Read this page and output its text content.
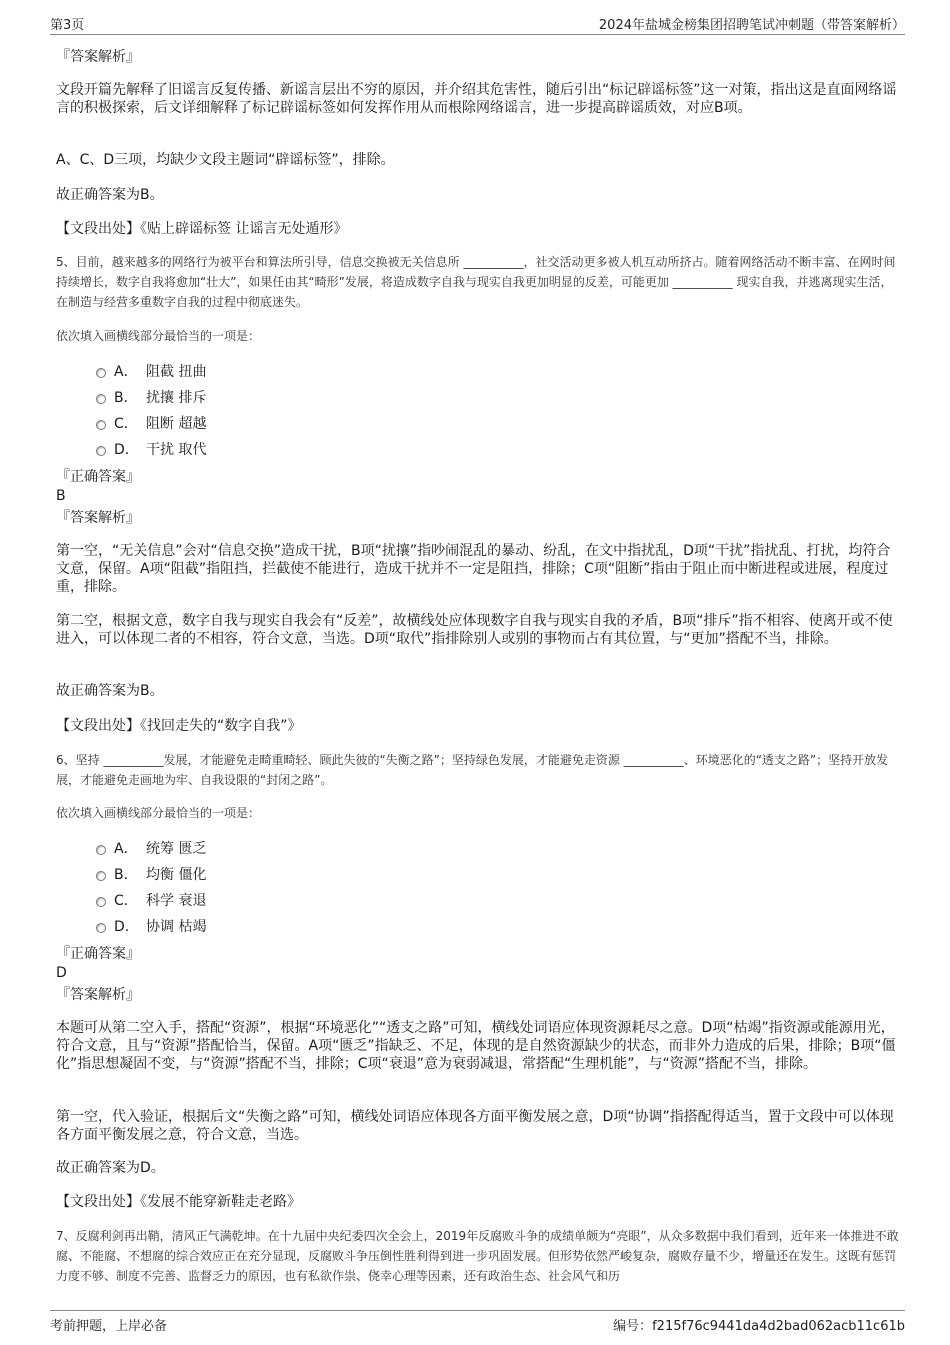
第3页	2024年盐城金榜集团招聘笔试冲刺题（带答案解析）

『答案解析』

文段开篇先解释了旧谣言反复传播、新谣言层出不穷的原因，并介绍其危害性，随后引出“标记辟谣标签”这一对策，指出这是直面网络谣言的积极探索，后文详细解释了标记辟谣标签如何发挥作用从而根除网络谣言，进一步提高辟谣质效，对应B项。

A、C、D三项，均缺少文段主题词“辟谣标签”，排除。

故正确答案为B。

【文段出处】《贴上辟谣标签 让谣言无处遁形》

5、目前，越来越多的网络行为被平台和算法所引导，信息交换被无关信息所 __________，社交活动更多被人机互动所挤占。随着网络活动不断丰富、在网时间持续增长，数字自我将愈加“壮大”，如果任由其“畸形”发展，将造成数字自我与现实自我更加明显的反差，可能更加 __________ 现实自我，并逃离现实生活，在制造与经营多重数字自我的过程中彻底迷失。

依次填入画横线部分最恰当的一项是：

A． 阻截 扭曲
B． 扰攘 排斥
C． 阻断 超越
D． 干扰 取代

『正确答案』

B

『答案解析』

第一空，“无关信息”会对“信息交换”造成干扰，B项“扰攘”指吵闹混乱的暴动、纷乱，在文中指扰乱，D项“干扰”指扰乱、打扰，均符合文意，保留。A项“阻截”指阻挡，拦截使不能进行，造成干扰并不一定是阻挡，排除；C项“阻断”指由于阻止而中断进程或进展，程度过重，排除。

第二空，根据文意，数字自我与现实自我会有“反差”，故横线处应体现数字自我与现实自我的矛盾，B项“排斥”指不相容、使离开或不使进入，可以体现二者的不相容，符合文意，当选。D项“取代”指排除别人或别的事物而占有其位置，与“更加”搭配不当，排除。

故正确答案为B。

【文段出处】《找回走失的“数字自我”》

6、坚持 __________发展，才能避免走畸重畸轻、顾此失彼的“失衡之路”；坚持绿色发展，才能避免走资源 __________、环境恶化的“透支之路”；坚持开放发展，才能避免走画地为牢、自我设限的“封闭之路”。

依次填入画横线部分最恰当的一项是：

A． 统筹 匮乏
B． 均衡 僵化
C． 科学 衰退
D． 协调 枯竭

『正确答案』

D

『答案解析』

本题可从第二空入手，搭配“资源”，根据“环境恶化”“透支之路”可知，横线处词语应体现资源耗尽之意。D项“枯竭”指资源或能源用光，符合文意，且与“资源”搭配恰当，保留。A项“匮乏”指缺乏、不足，体现的是自然资源缺少的状态，而非外力造成的后果，排除；B项“僵化”指思想凝固不变，与“资源”搭配不当，排除；C项“衰退”意为衰弱减退，常搭配“生理机能”，与“资源”搭配不当，排除。

第一空，代入验证，根据后文“失衡之路”可知，横线处词语应体现各方面平衡发展之意，D项“协调”指搭配得适当，置于文段中可以体现各方面平衡发展之意，符合文意，当选。

故正确答案为D。

【文段出处】《发展不能穿新鞋走老路》

7、反腐利剑再出鞘，清风正气满乾坤。在十九届中央纪委四次全会上，2019年反腐败斗争的成绩单颇为“亮眼”，从众多数据中我们看到，近年来一体推进不敢腐、不能腐、不想腐的综合效应正在充分显现，反腐败斗争压倒性胜利得到进一步巩固发展。但形势依然严峻复杂，腐败存量不少，增量还在发生。这既有惩罚力度不够、制度不完善、监督乏力的原因，也有私欲作祟、侥幸心理等因素，还有政治生态、社会风气和历

考前押题，上岸必备	编号：f215f76c9441da4d2bad062acb11c61b
